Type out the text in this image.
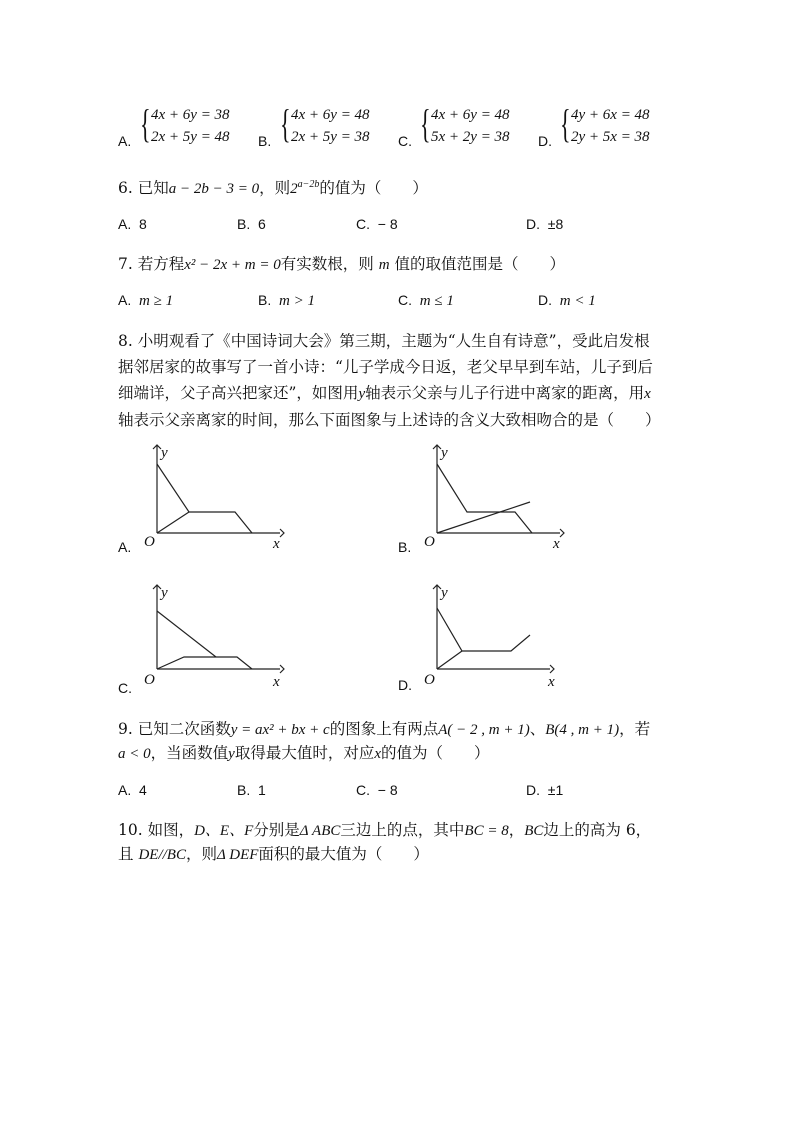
A. { 4x + 6y = 38
2x + 5y = 48 B. { 4x + 6y = 48
2x + 5y = 38 C. { 4x + 6y = 48
5x + 2y = 38 D. { 4y + 6x = 48
2y + 5x = 38
6. 已知a − 2b − 3 = 0，则$2^{a-2b}$的值为（　　）
A. 8	B. 6	C. − 8	D. ±8
7. 若方程x² − 2x + m = 0有实数根，则 m 值的取值范围是（　　）
A. m ≥ 1	B. m > 1	C. m ≤ 1	D. m < 1
8. 小明观看了《中国诗词大会》第三期，主题为“人生自有诗意”，受此启发根
据邻居家的故事写了一首小诗：“儿子学成今日返，老父早早到车站，儿子到后
细端详，父子高兴把家还”，如图用y轴表示父亲与儿子行进中离家的距离，用x
轴表示父亲离家的时间，那么下面图象与上述诗的含义大致相吻合的是（　　）
A.
y
O	x	B.
y
O	x
C.
y
O	x	D.
y
O	x
9. 已知二次函数y = ax² + bx + c的图象上有两点A( − 2 , m + 1)、B(4 , m + 1)，若
a < 0，当函数值y取得最大值时，对应x的值为（　　）
A. 4	B. 1	C. − 8	D. ±1
10. 如图，D、E、F分别是Δ ABC三边上的点，其中BC = 8，BC边上的高为 6，
且 DE//BC，则Δ DEF面积的最大值为（　　）
